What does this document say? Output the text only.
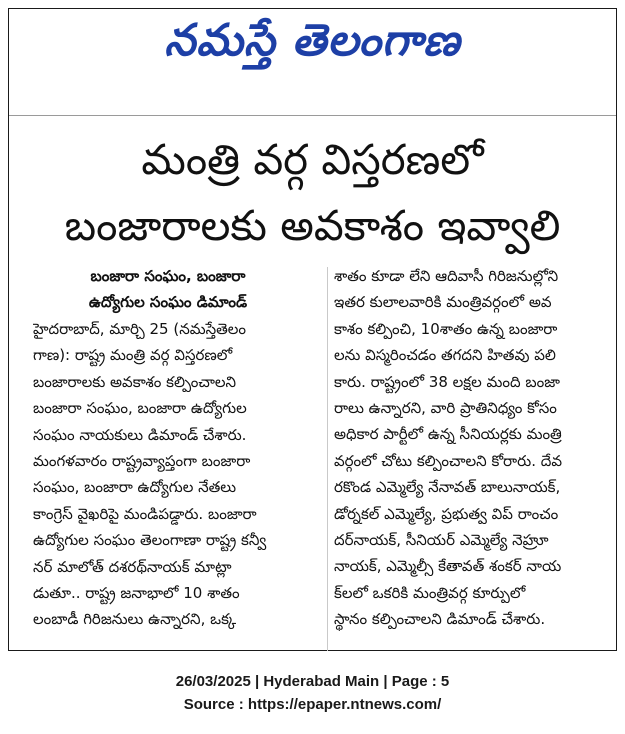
నమస్తే తెలంగాణ
మంత్రి వర్గ విస్తరణలో
బంజారాలకు అవకాశం ఇవ్వాలి
బంజారా సంఘం, బంజారా
ఉద్యోగుల సంఘం డిమాండ్
హైదరాబాద్, మార్చి 25 (నమస్తేతెలం
గాణ): రాష్ట్ర మంత్రి వర్గ విస్తరణలో
బంజారాలకు అవకాశం కల్పించాలని
బంజారా సంఘం, బంజారా ఉద్యోగుల
సంఘం నాయకులు డిమాండ్ చేశారు.
మంగళవారం రాష్ట్రవ్యాప్తంగా బంజారా
సంఘం, బంజారా ఉద్యోగుల నేతలు
కాంగ్రెస్ వైఖరిపై మండిపడ్డారు. బంజారా
ఉద్యోగుల సంఘం తెలంగాణా రాష్ట్ర కన్వీ
నర్ మాలోత్ దశరథ్‌నాయక్ మాట్లా
డుతూ.. రాష్ట్ర జనాభాలో 10 శాతం
లంబాడీ గిరిజనులు ఉన్నారని, ఒక్క
శాతం కూడా లేని ఆదివాసీ గిరిజనుల్లోని
ఇతర కులాలవారికి మంత్రివర్గంలో అవ
కాశం కల్పించి, 10శాతం ఉన్న బంజారా
లను విస్మరించడం తగదని హితవు పలి
కారు. రాష్ట్రంలో 38 లక్షల మంది బంజా
రాలు ఉన్నారని, వారి ప్రాతినిధ్యం కోసం
అధికార పార్టీలో ఉన్న సీనియర్లకు మంత్రి
వర్గంలో చోటు కల్పించాలని కోరారు. దేవ
రకొండ ఎమ్మెల్యే నేనావత్ బాలునాయక్,
డోర్నకల్ ఎమ్మెల్యే, ప్రభుత్వ విప్ రాంచం
దర్‌నాయక్, సీనియర్ ఎమ్మెల్యే నెహ్రూ
నాయక్, ఎమ్మెల్సీ కేతావత్ శంకర్ నాయ
క్‌లలో ఒకరికి మంత్రివర్గ కూర్పులో
స్థానం కల్పించాలని డిమాండ్ చేశారు.
26/03/2025 | Hyderabad Main | Page : 5
Source : https://epaper.ntnews.com/
